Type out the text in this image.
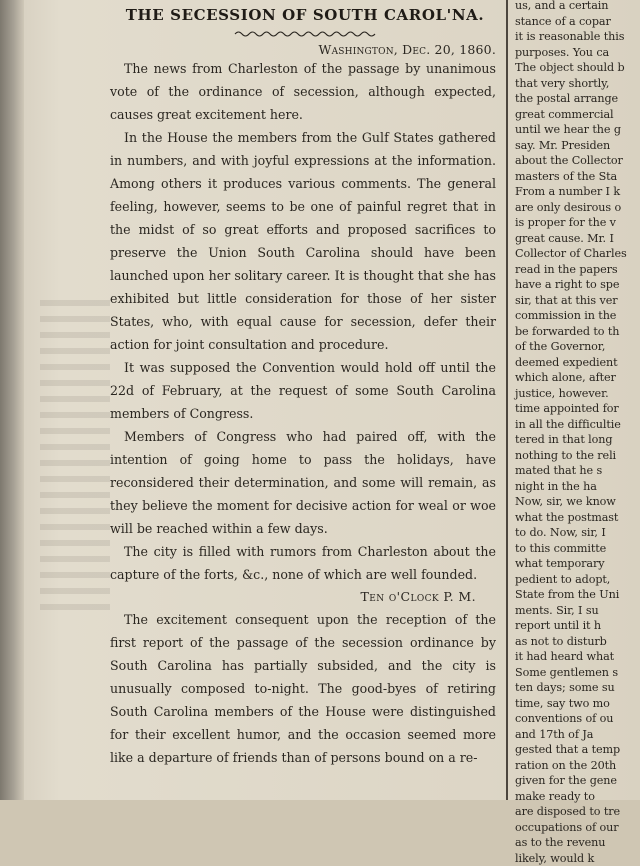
THE SECESSION OF SOUTH CAROL'NA.
Washington, Dec. 20, 1860.

The news from Charleston of the passage by unanimous vote of the ordinance of secession, although expected, causes great excitement here.

In the House the members from the Gulf States gathered in numbers, and with joyful expressions at the information. Among others it produces various comments. The general feeling, however, seems to be one of painful regret that in the midst of so great efforts and proposed sacrifices to preserve the Union South Carolina should have been launched upon her solitary career. It is thought that she has exhibited but little consideration for those of her sister States, who, with equal cause for secession, defer their action for joint consultation and procedure.

It was supposed the Convention would hold off until the 22d of February, at the request of some South Carolina members of Congress.

Members of Congress who had paired off, with the intention of going home to pass the holidays, have reconsidered their determination, and some will remain, as they believe the moment for decisive action for weal or woe will be reached within a few days.

The city is filled with rumors from Charleston about the capture of the forts, &c., none of which are well founded.

Ten o'Clock P. M.

The excitement consequent upon the reception of the first report of the passage of the secession ordinance by South Carolina has partially subsided, and the city is unusually composed to-night. The good-byes of retiring South Carolina members of the House were distinguished for their excellent humor, and the occasion seemed more like a departure of friends than of persons bound on a re-

us, and a certain
stance of a copar
it is reasonable this
purposes. You ca
The object should b
that very shortly,
the postal arrange
great commercial
until we hear the g
say. Mr. Presiden
about the Collector
masters of the Sta
From a number I k
are only desirous o
is proper for the v
great cause. Mr. I
Collector of Charles
read in the papers
have a right to spe
sir, that at this ver
commission in the
be forwarded to th
of the Governor,
deemed expedient
which alone, after
justice, however.
time appointed for
in all the difficultie
tered in that long
nothing to the reli
mated that he s
night in the ha
Now, sir, we know
what the postmast
to do. Now, sir, I
to this committe
what temporary
pedient to adopt,
State from the Uni
ments. Sir, I su
report until it h
as not to disturb
it had heard what
Some gentlemen s
ten days; some su
time, say two mo
conventions of ou
and 17th of Ja
gested that a temp
ration on the 20th
given for the gene
make ready to
are disposed to tre
occupations of our
as to the revenu
likely, would k
